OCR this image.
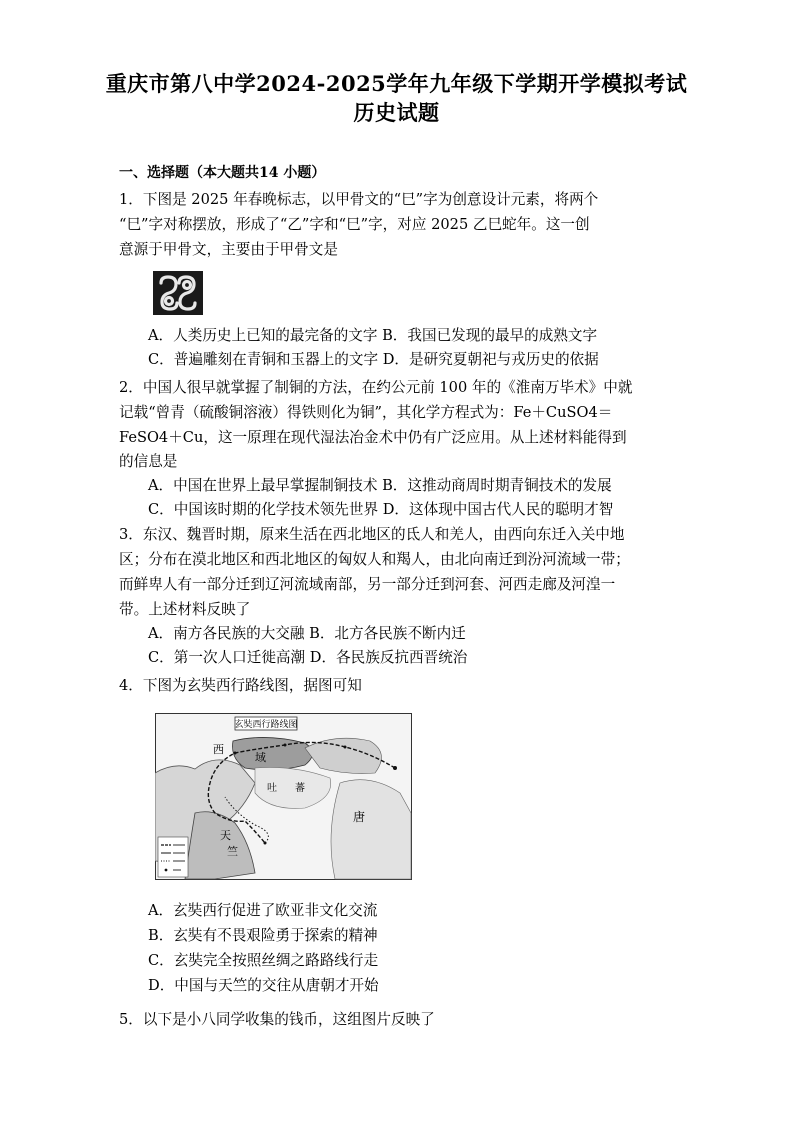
重庆市第八中学2024-2025学年九年级下学期开学模拟考试
历史试题
一、选择题（本大题共14 小题）
1．下图是 2025 年春晚标志，以甲骨文的“巳”字为创意设计元素，将两个
“巳”字对称摆放，形成了“乙”字和“巳”字，对应 2025 乙巳蛇年。这一创
意源于甲骨文，主要由于甲骨文是
A．人类历史上已知的最完备的文字 B．我国已发现的最早的成熟文字
C．普遍雕刻在青铜和玉器上的文字 D．是研究夏朝祀与戎历史的依据
2．中国人很早就掌握了制铜的方法，在约公元前 100 年的《淮南万毕术》中就
记载“曾青（硫酸铜溶液）得铁则化为铜”，其化学方程式为：Fe＋CuSO4＝
FeSO4＋Cu，这一原理在现代湿法冶金术中仍有广泛应用。从上述材料能得到
的信息是
A．中国在世界上最早掌握制铜技术 B．这推动商周时期青铜技术的发展
C．中国该时期的化学技术领先世界 D．这体现中国古代人民的聪明才智
3．东汉、魏晋时期，原来生活在西北地区的氐人和羌人，由西向东迁入关中地
区；分布在漠北地区和西北地区的匈奴人和羯人，由北向南迁到汾河流域一带；
而鲜卑人有一部分迁到辽河流域南部，另一部分迁到河套、河西走廊及河湟一
带。上述材料反映了
A．南方各民族的大交融 B．北方各民族不断内迁
C．第一次人口迁徙高潮 D．各民族反抗西晋统治
4．下图为玄奘西行路线图，据图可知
玄奘西行路线图
西
域
吐 蕃
唐
天
竺
A．玄奘西行促进了欧亚非文化交流
B．玄奘有不畏艰险勇于探索的精神
C．玄奘完全按照丝绸之路路线行走
D．中国与天竺的交往从唐朝才开始
5．以下是小八同学收集的钱币，这组图片反映了
